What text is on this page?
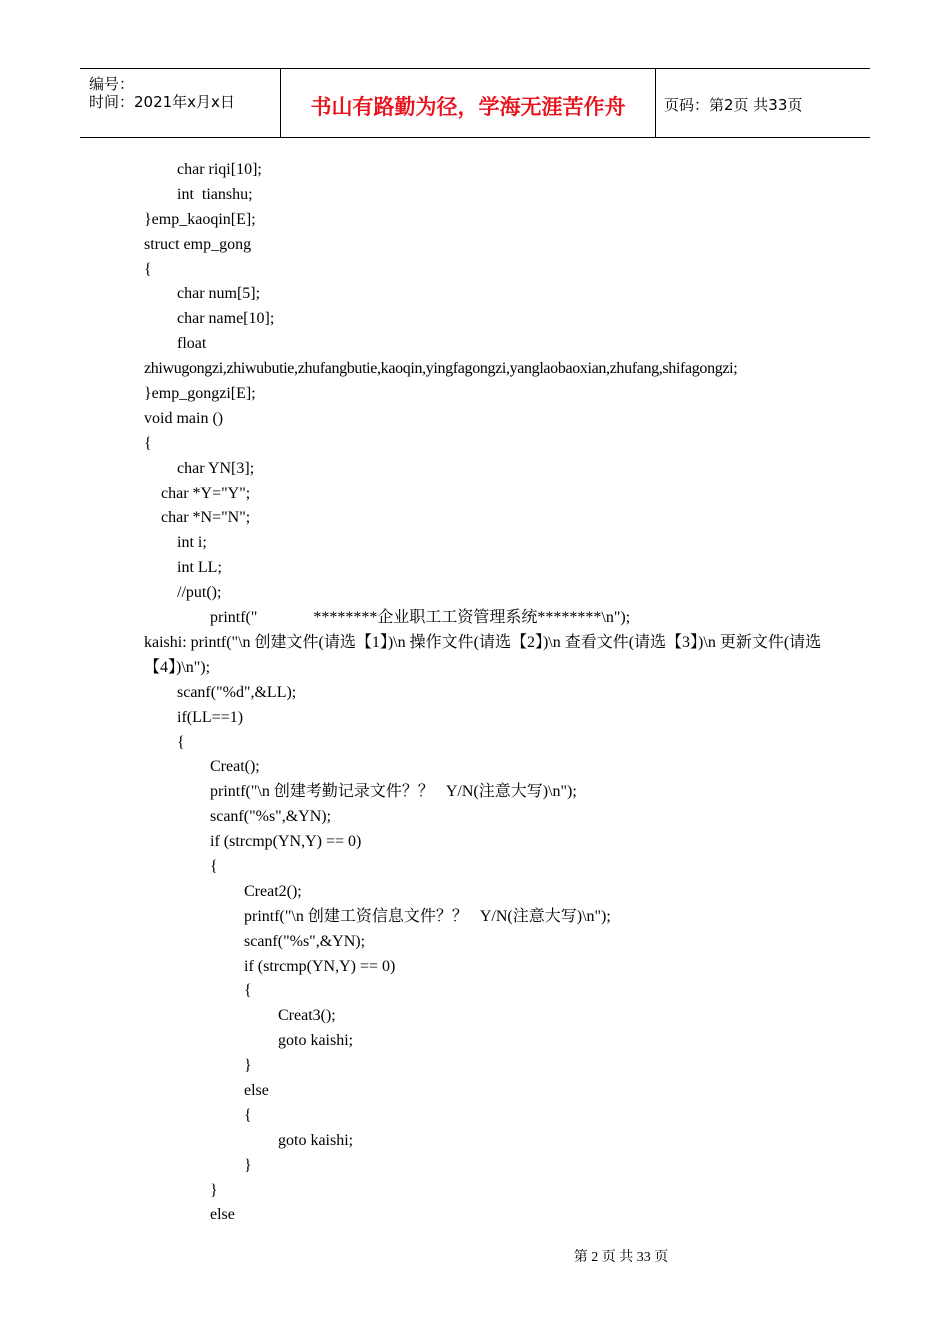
编号：
时间：2021年x月x日	书山有路勤为径，学海无涯苦作舟	页码：第2页 共33页
char riqi[10];
int  tianshu;
}emp_kaoqin[E];
struct emp_gong
{
char num[5];
char name[10];
float
zhiwugongzi,zhiwubutie,zhufangbutie,kaoqin,yingfagongzi,yanglaobaoxian,zhufang,shifagongzi;
}emp_gongzi[E];
void main ()
{
char YN[3];
char *Y="Y";
char *N="N";
int i;
int LL;
//put();
printf("              ********企业职工工资管理系统********\n");
kaishi: printf("\n 创建文件(请选【1】)\n 操作文件(请选【2】)\n 查看文件(请选【3】)\n 更新文件(请选【4】)\n");
scanf("%d",&LL);
if(LL==1)
{
Creat();
printf("\n 创建考勤记录文件？？   Y/N(注意大写)\n");
scanf("%s",&YN);
if (strcmp(YN,Y) == 0)
{
Creat2();
printf("\n 创建工资信息文件？？   Y/N(注意大写)\n");
scanf("%s",&YN);
if (strcmp(YN,Y) == 0)
{
Creat3();
goto kaishi;
}
else
{
goto kaishi;
}
}
else
第 2 页 共 33 页
